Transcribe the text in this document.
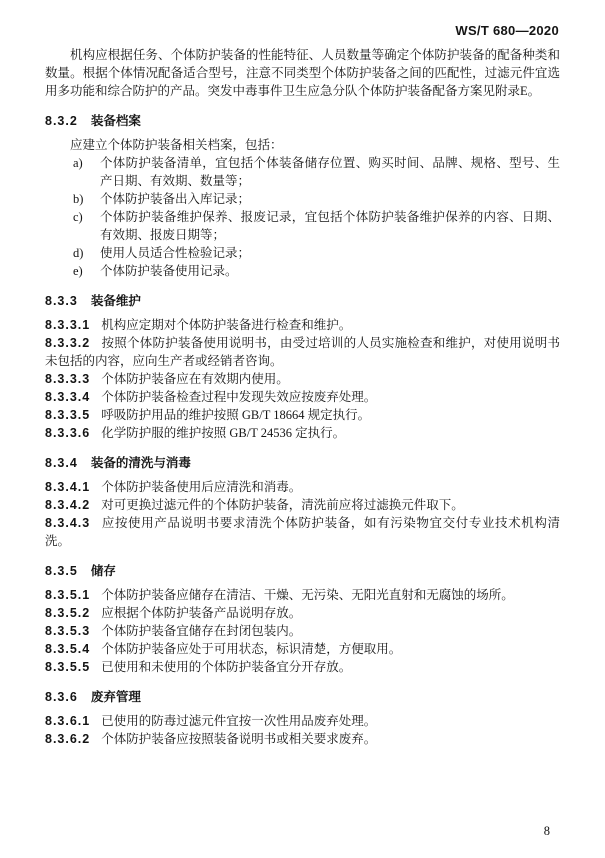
WS/T 680—2020

机构应根据任务、个体防护装备的性能特征、人员数量等确定个体防护装备的配备种类和数量。根据个体情况配备适合型号，注意不同类型个体防护装备之间的匹配性，过滤元件宜选用多功能和综合防护的产品。突发中毒事件卫生应急分队个体防护装备配备方案见附录E。

8.3.2 装备档案

应建立个体防护装备相关档案，包括：

a)	个体防护装备清单，宜包括个体装备储存位置、购买时间、品牌、规格、型号、生产日期、有效期、数量等；
b)	个体防护装备出入库记录；
c)	个体防护装备维护保养、报废记录，宜包括个体防护装备维护保养的内容、日期、有效期、报废日期等；
d)	使用人员适合性检验记录；
e)	个体防护装备使用记录。

8.3.3 装备维护

8.3.3.1 机构应定期对个体防护装备进行检查和维护。

8.3.3.2 按照个体防护装备使用说明书，由受过培训的人员实施检查和维护，对使用说明书未包括的内容，应向生产者或经销者咨询。

8.3.3.3 个体防护装备应在有效期内使用。

8.3.3.4 个体防护装备检查过程中发现失效应按废弃处理。

8.3.3.5 呼吸防护用品的维护按照 GB/T 18664 规定执行。

8.3.3.6 化学防护服的维护按照 GB/T 24536 定执行。

8.3.4 装备的清洗与消毒

8.3.4.1 个体防护装备使用后应清洗和消毒。

8.3.4.2 对可更换过滤元件的个体防护装备，清洗前应将过滤换元件取下。

8.3.4.3 应按使用产品说明书要求清洗个体防护装备，如有污染物宜交付专业技术机构清洗。

8.3.5 储存

8.3.5.1 个体防护装备应储存在清洁、干燥、无污染、无阳光直射和无腐蚀的场所。

8.3.5.2 应根据个体防护装备产品说明存放。

8.3.5.3 个体防护装备宜储存在封闭包装内。

8.3.5.4 个体防护装备应处于可用状态，标识清楚，方便取用。

8.3.5.5 已使用和未使用的个体防护装备宜分开存放。

8.3.6 废弃管理

8.3.6.1 已使用的防毒过滤元件宜按一次性用品废弃处理。

8.3.6.2 个体防护装备应按照装备说明书或相关要求废弃。

8
